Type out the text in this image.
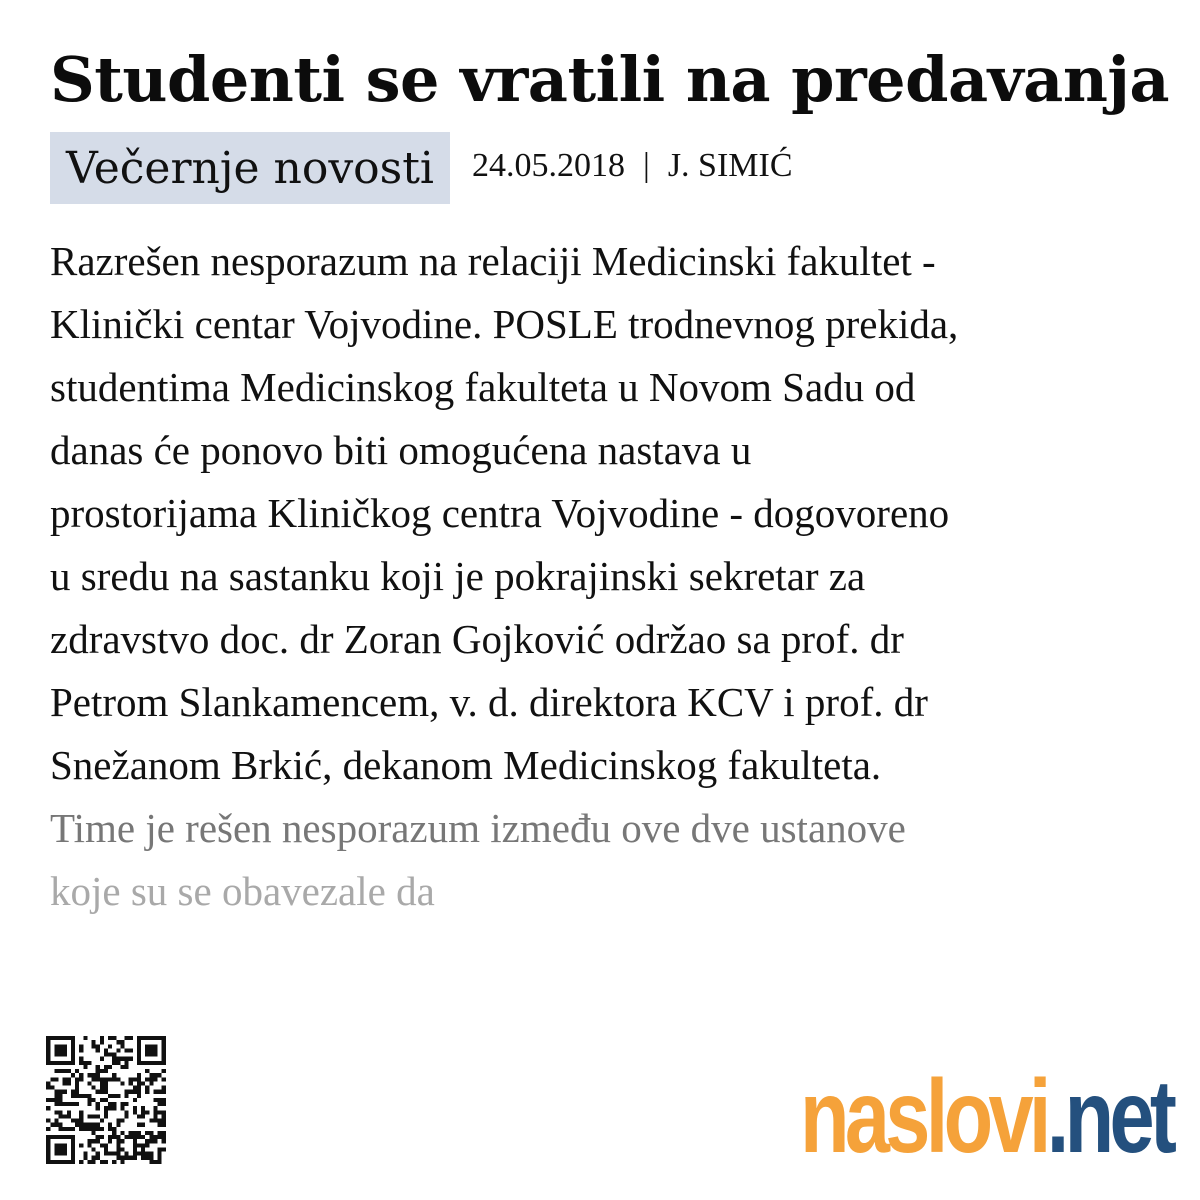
Studenti se vratili na predavanja
Večernje novosti	24.05.2018 | J. SIMIĆ

Razrešen nesporazum na relaciji Medicinski fakultet -
Klinički centar Vojvodine. POSLE trodnevnog prekida,
studentima Medicinskog fakulteta u Novom Sadu od
danas će ponovo biti omogućena nastava u
prostorijama Kliničkog centra Vojvodine - dogovoreno
u sredu na sastanku koji je pokrajinski sekretar za
zdravstvo doc. dr Zoran Gojković održao sa prof. dr
Petrom Slankamencem, v. d. direktora KCV i prof. dr
Snežanom Brkić, dekanom Medicinskog fakulteta.
Time je rešen nesporazum između ove dve ustanove
koje su se obavezale da

naslovi.net
